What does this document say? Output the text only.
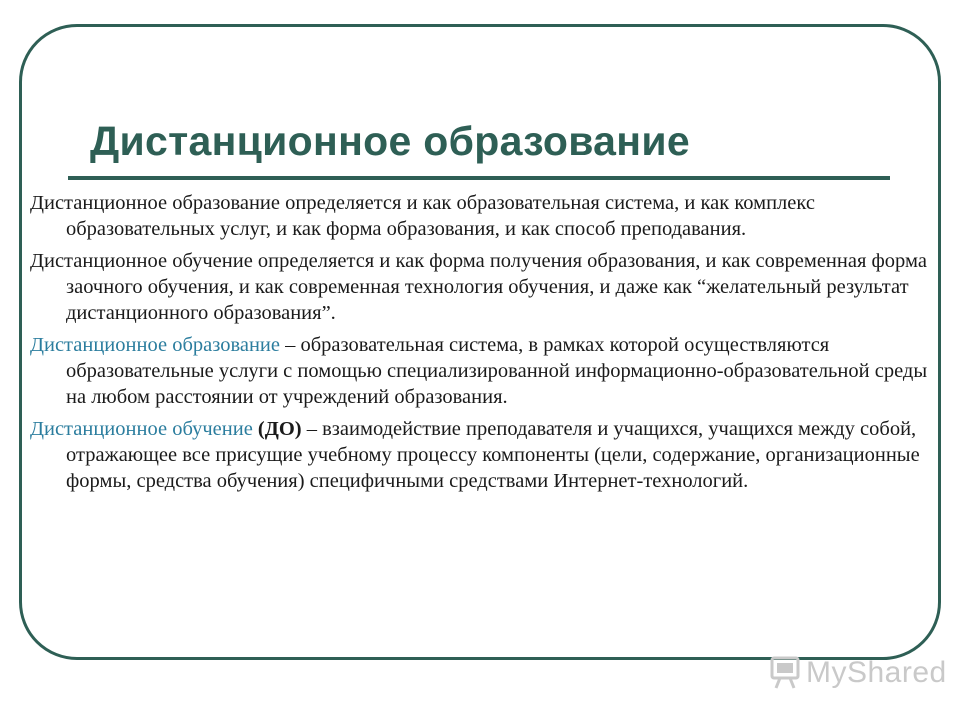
Дистанционное образование

Дистанционное образование определяется и как образовательная система, и как комплекс образовательных услуг, и как форма образования, и как способ преподавания.

Дистанционное обучение определяется и как форма получения образования, и как современная форма заочного обучения, и как современная технология обучения, и даже как “желательный результат дистанционного образования”.

Дистанционное образование – образовательная система, в рамках которой осуществляются образовательные услуги с помощью специализированной информационно-образовательной среды на любом расстоянии от учреждений образования.

Дистанционное обучение (ДО) – взаимодействие преподавателя и учащихся, учащихся между собой, отражающее все присущие учебному процессу компоненты (цели, содержание, организационные формы, средства обучения) специфичными средствами Интернет-технологий.

MyShared
